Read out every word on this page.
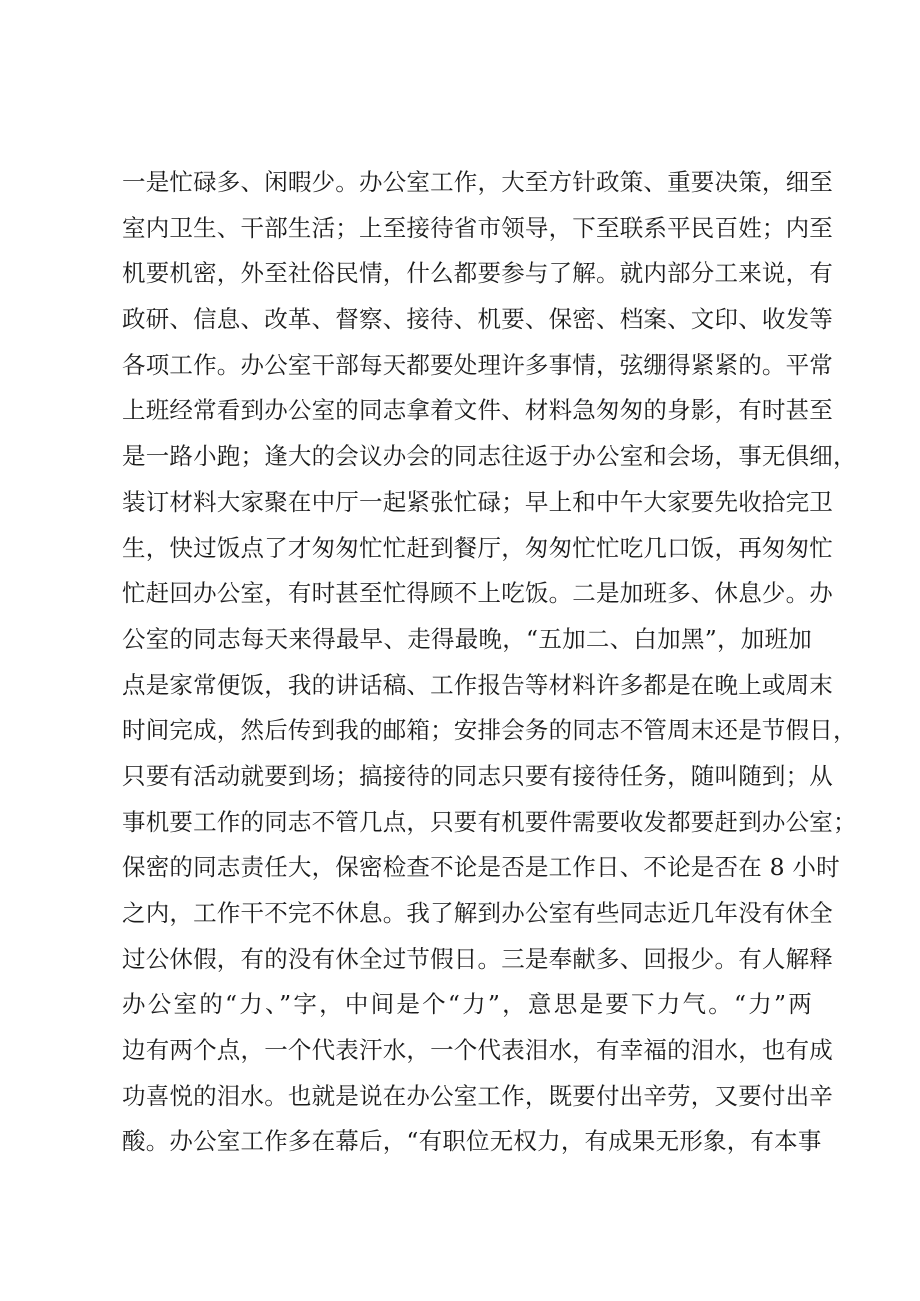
一是忙碌多、闲暇少。办公室工作，大至方针政策、重要决策，细至
室内卫生、干部生活；上至接待省市领导，下至联系平民百姓；内至
机要机密，外至社俗民情，什么都要参与了解。就内部分工来说，有
政研、信息、改革、督察、接待、机要、保密、档案、文印、收发等
各项工作。办公室干部每天都要处理许多事情，弦绷得紧紧的。平常
上班经常看到办公室的同志拿着文件、材料急匆匆的身影，有时甚至
是一路小跑；逢大的会议办会的同志往返于办公室和会场，事无俱细，
装订材料大家聚在中厅一起紧张忙碌；早上和中午大家要先收拾完卫
生，快过饭点了才匆匆忙忙赶到餐厅，匆匆忙忙吃几口饭，再匆匆忙
忙赶回办公室，有时甚至忙得顾不上吃饭。二是加班多、休息少。办
公室的同志每天来得最早、走得最晚，“五加二、白加黑”，加班加
点是家常便饭，我的讲话稿、工作报告等材料许多都是在晚上或周末
时间完成，然后传到我的邮箱；安排会务的同志不管周末还是节假日，
只要有活动就要到场；搞接待的同志只要有接待任务，随叫随到；从
事机要工作的同志不管几点，只要有机要件需要收发都要赶到办公室；
保密的同志责任大，保密检查不论是否是工作日、不论是否在 8 小时
之内，工作干不完不休息。我了解到办公室有些同志近几年没有休全
过公休假，有的没有休全过节假日。三是奉献多、回报少。有人解释
办公室的“力、”字，中间是个“力”，意思是要下力气。“力”两
边有两个点，一个代表汗水，一个代表泪水，有幸福的泪水，也有成
功喜悦的泪水。也就是说在办公室工作，既要付出辛劳，又要付出辛
酸。办公室工作多在幕后，“有职位无权力，有成果无形象，有本事
